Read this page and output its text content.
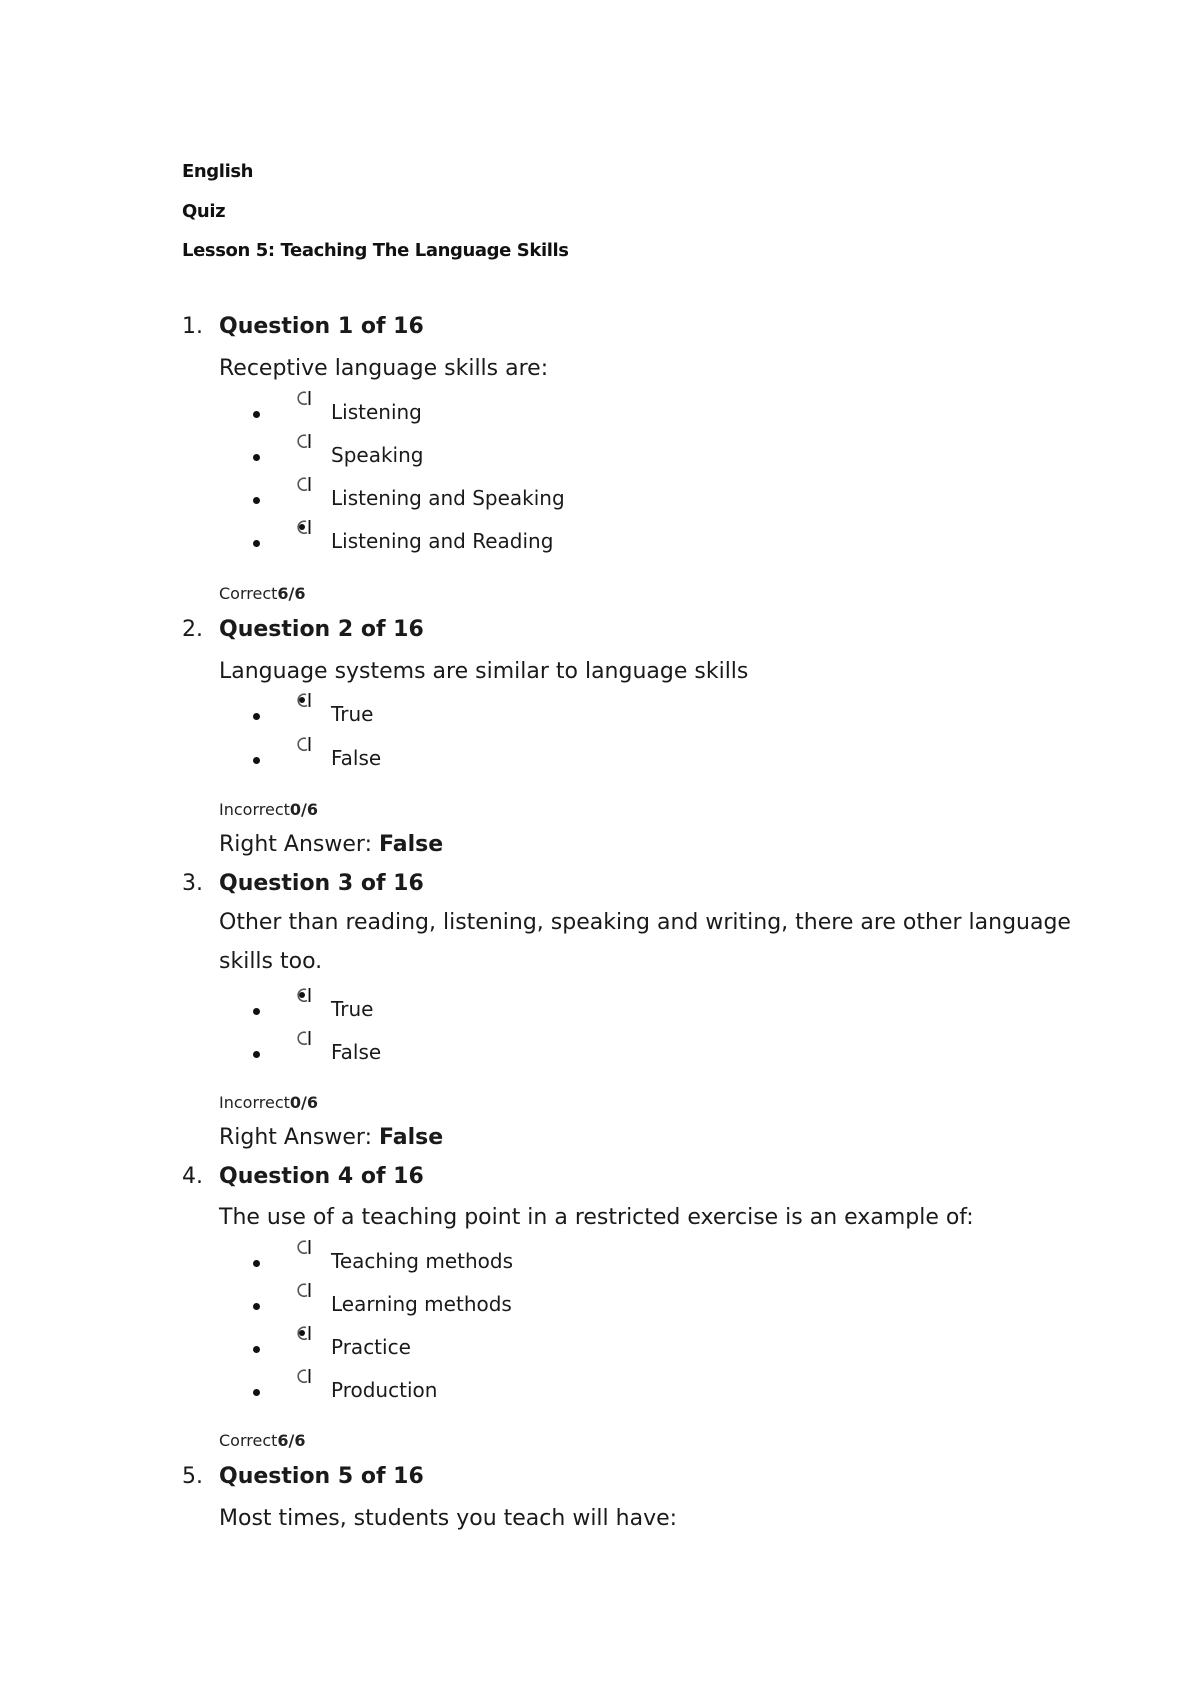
English
Quiz
Lesson 5: Teaching The Language Skills
1. Question 1 of 16
Receptive language skills are:
Listening
Speaking
Listening and Speaking
Listening and Reading
Correct6/6
2. Question 2 of 16
Language systems are similar to language skills
True
False
Incorrect0/6
Right Answer: False
3. Question 3 of 16
Other than reading, listening, speaking and writing, there are other language skills too.
True
False
Incorrect0/6
Right Answer: False
4. Question 4 of 16
The use of a teaching point in a restricted exercise is an example of:
Teaching methods
Learning methods
Practice
Production
Correct6/6
5. Question 5 of 16
Most times, students you teach will have:
